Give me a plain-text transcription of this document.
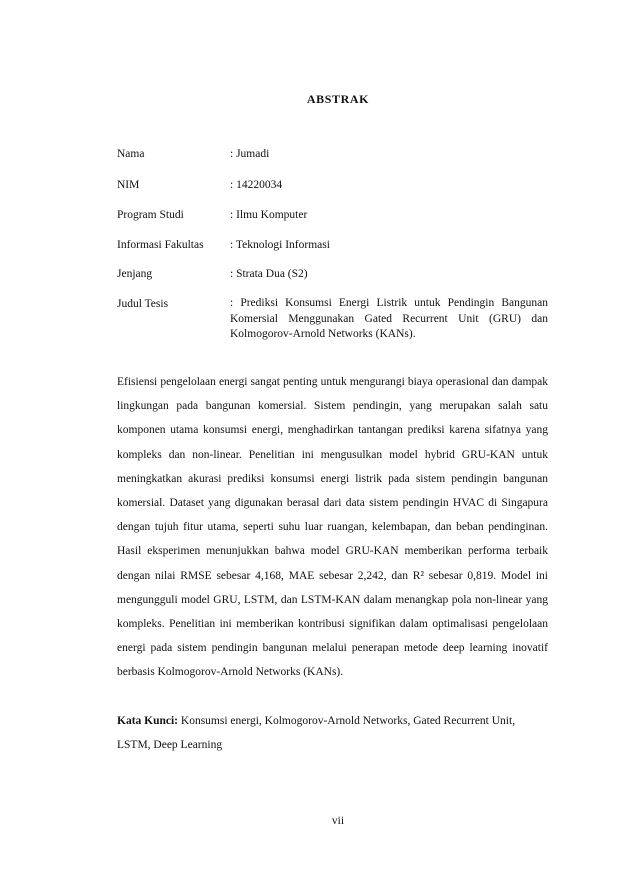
ABSTRAK
Nama	: Jumadi
NIM	: 14220034
Program Studi	: Ilmu Komputer
Informasi Fakultas	: Teknologi Informasi
Jenjang	: Strata Dua (S2)
Judul Tesis	: Prediksi Konsumsi Energi Listrik untuk Pendingin Bangunan Komersial Menggunakan Gated Recurrent Unit (GRU) dan Kolmogorov-Arnold Networks (KANs).

Efisiensi pengelolaan energi sangat penting untuk mengurangi biaya operasional dan dampak lingkungan pada bangunan komersial. Sistem pendingin, yang merupakan salah satu komponen utama konsumsi energi, menghadirkan tantangan prediksi karena sifatnya yang kompleks dan non-linear. Penelitian ini mengusulkan model hybrid GRU-KAN untuk meningkatkan akurasi prediksi konsumsi energi listrik pada sistem pendingin bangunan komersial. Dataset yang digunakan berasal dari data sistem pendingin HVAC di Singapura dengan tujuh fitur utama, seperti suhu luar ruangan, kelembapan, dan beban pendinginan. Hasil eksperimen menunjukkan bahwa model GRU-KAN memberikan performa terbaik dengan nilai RMSE sebesar 4,168, MAE sebesar 2,242, dan R² sebesar 0,819. Model ini mengungguli model GRU, LSTM, dan LSTM-KAN dalam menangkap pola non-linear yang kompleks. Penelitian ini memberikan kontribusi signifikan dalam optimalisasi pengelolaan energi pada sistem pendingin bangunan melalui penerapan metode deep learning inovatif berbasis Kolmogorov-Arnold Networks (KANs).

Kata Kunci: Konsumsi energi, Kolmogorov-Arnold Networks, Gated Recurrent Unit, LSTM, Deep Learning

vii
